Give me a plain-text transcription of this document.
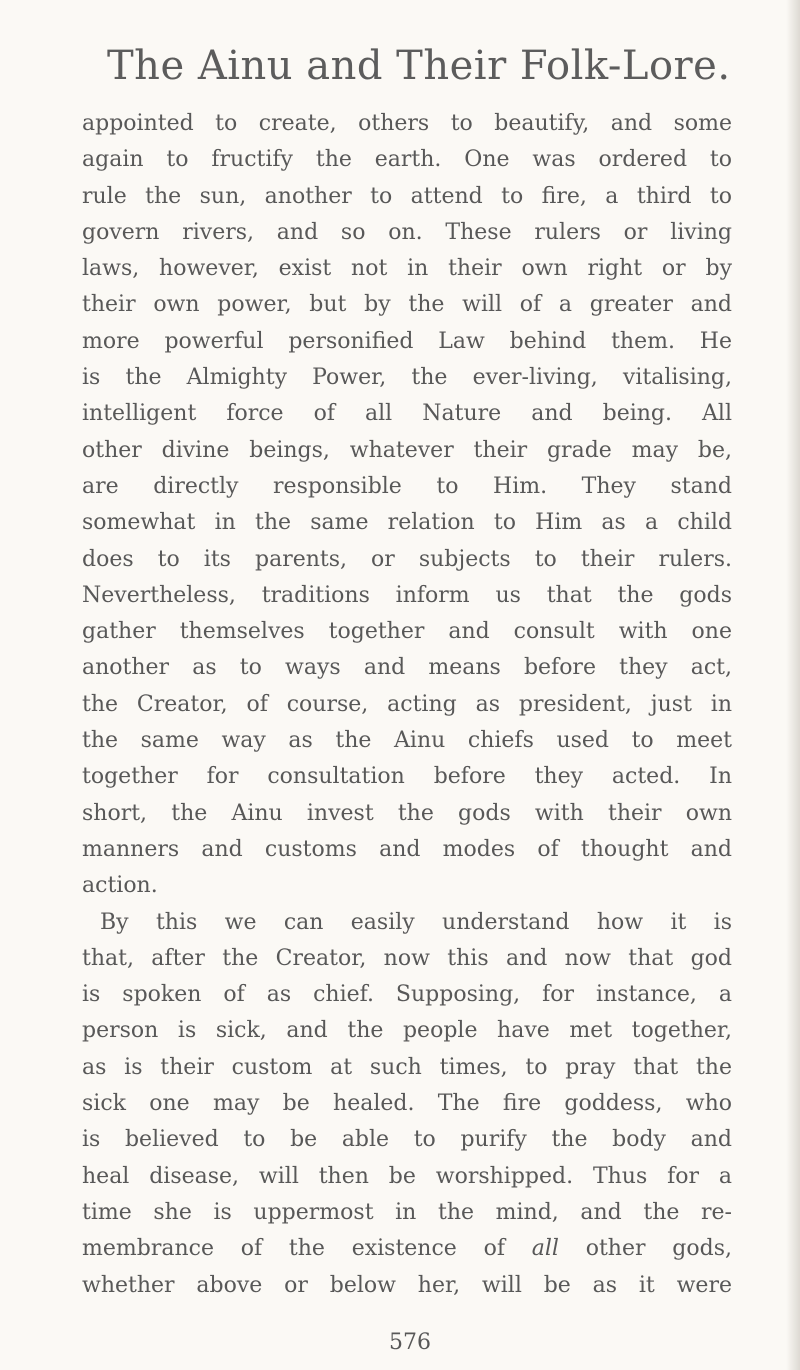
The Ainu and Their Folk-Lore.
appointed to create, others to beautify, and some
again to fructify the earth. One was ordered to
rule the sun, another to attend to fire, a third to
govern rivers, and so on. These rulers or living
laws, however, exist not in their own right or by
their own power, but by the will of a greater and
more powerful personified Law behind them. He
is the Almighty Power, the ever-living, vitalising,
intelligent force of all Nature and being. All
other divine beings, whatever their grade may be,
are directly responsible to Him. They stand
somewhat in the same relation to Him as a child
does to its parents, or subjects to their rulers.
Nevertheless, traditions inform us that the gods
gather themselves together and consult with one
another as to ways and means before they act,
the Creator, of course, acting as president, just in
the same way as the Ainu chiefs used to meet
together for consultation before they acted. In
short, the Ainu invest the gods with their own
manners and customs and modes of thought and
action.
By this we can easily understand how it is
that, after the Creator, now this and now that god
is spoken of as chief. Supposing, for instance, a
person is sick, and the people have met together,
as is their custom at such times, to pray that the
sick one may be healed. The fire goddess, who
is believed to be able to purify the body and
heal disease, will then be worshipped. Thus for a
time she is uppermost in the mind, and the re-
membrance of the existence of all other gods,
whether above or below her, will be as it were
576
